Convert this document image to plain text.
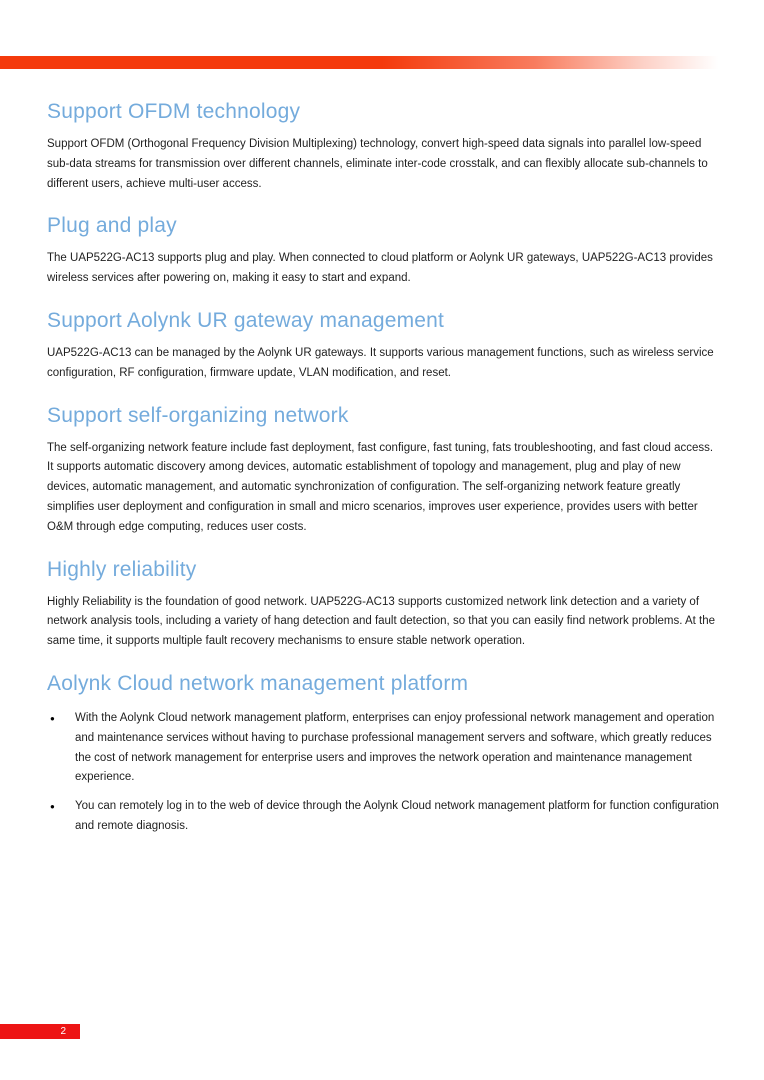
Support OFDM technology

Support OFDM (Orthogonal Frequency Division Multiplexing) technology, convert high-speed data signals into parallel low-speed sub-data streams for transmission over different channels, eliminate inter-code crosstalk, and can flexibly allocate sub-channels to different users, achieve multi-user access.

Plug and play

The UAP522G-AC13 supports plug and play. When connected to cloud platform or Aolynk UR gateways, UAP522G-AC13 provides wireless services after powering on, making it easy to start and expand.

Support Aolynk UR gateway management

UAP522G-AC13 can be managed by the Aolynk UR gateways. It supports various management functions, such as wireless service configuration, RF configuration, firmware update, VLAN modification, and reset.

Support self-organizing network

The self-organizing network feature include fast deployment, fast configure, fast tuning, fats troubleshooting, and fast cloud access. It supports automatic discovery among devices, automatic establishment of topology and management, plug and play of new devices, automatic management, and automatic synchronization of configuration. The self-organizing network feature greatly simplifies user deployment and configuration in small and micro scenarios, improves user experience, provides users with better O&M through edge computing, reduces user costs.

Highly reliability

Highly Reliability is the foundation of good network. UAP522G-AC13 supports customized network link detection and a variety of network analysis tools, including a variety of hang detection and fault detection, so that you can easily find network problems. At the same time, it supports multiple fault recovery mechanisms to ensure stable network operation.

Aolynk Cloud network management platform
●	With the Aolynk Cloud network management platform, enterprises can enjoy professional network management and operation and maintenance services without having to purchase professional management servers and software, which greatly reduces the cost of network management for enterprise users and improves the network operation and maintenance management experience.
●	You can remotely log in to the web of device through the Aolynk Cloud network management platform for function configuration and remote diagnosis.
2
